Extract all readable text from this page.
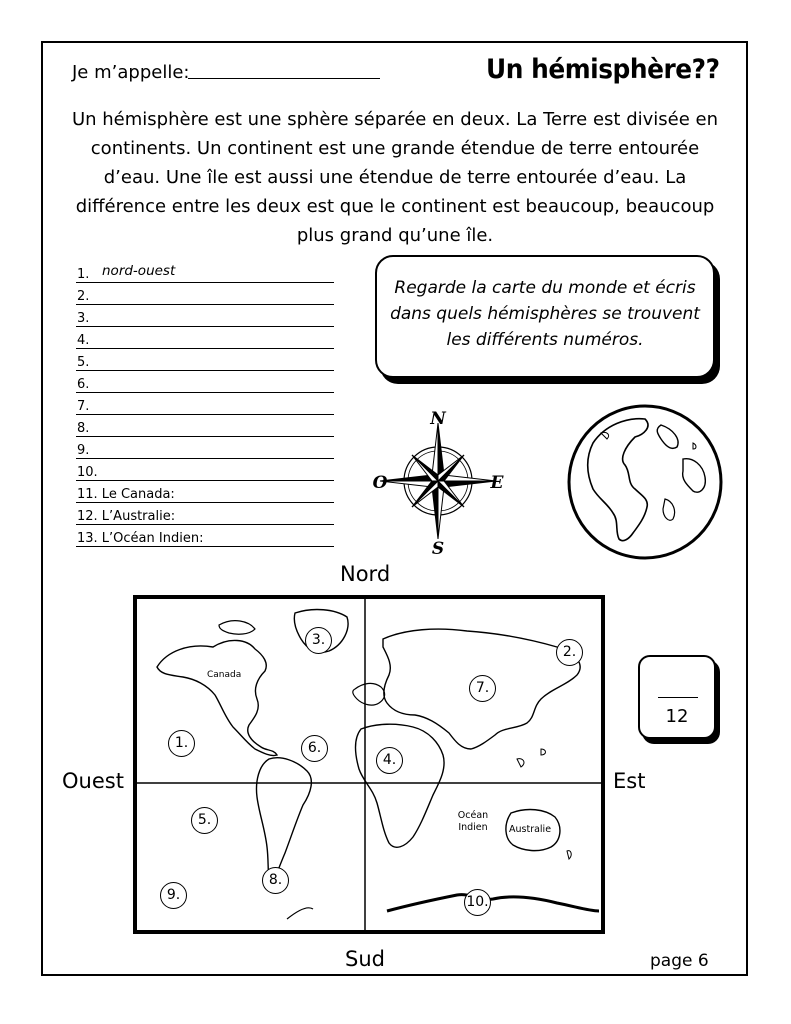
Je m’appelle:	Un hémisphère??
Un hémisphère est une sphère séparée en deux. La Terre est divisée en continents. Un continent est une grande étendue de terre entourée d’eau. Une île est aussi une étendue de terre entourée d’eau. La différence entre les deux est que le continent est beaucoup, beaucoup plus grand qu’une île.
1. nord-ouest
2.
3.
4.
5.
6.
7.
8.
9.
10.
11. Le Canada:
12. L’Australie:
13. L’Océan Indien:
Regarde la carte du monde et écris dans quels hémisphères se trouvent les différents numéros.
N
S
E
O
Nord
Sud
Ouest	Est
Canada
Océan Indien	Australie
1.
2.
3.
4.
5.
6.
7.
8.
9.	10.
12
page 6
